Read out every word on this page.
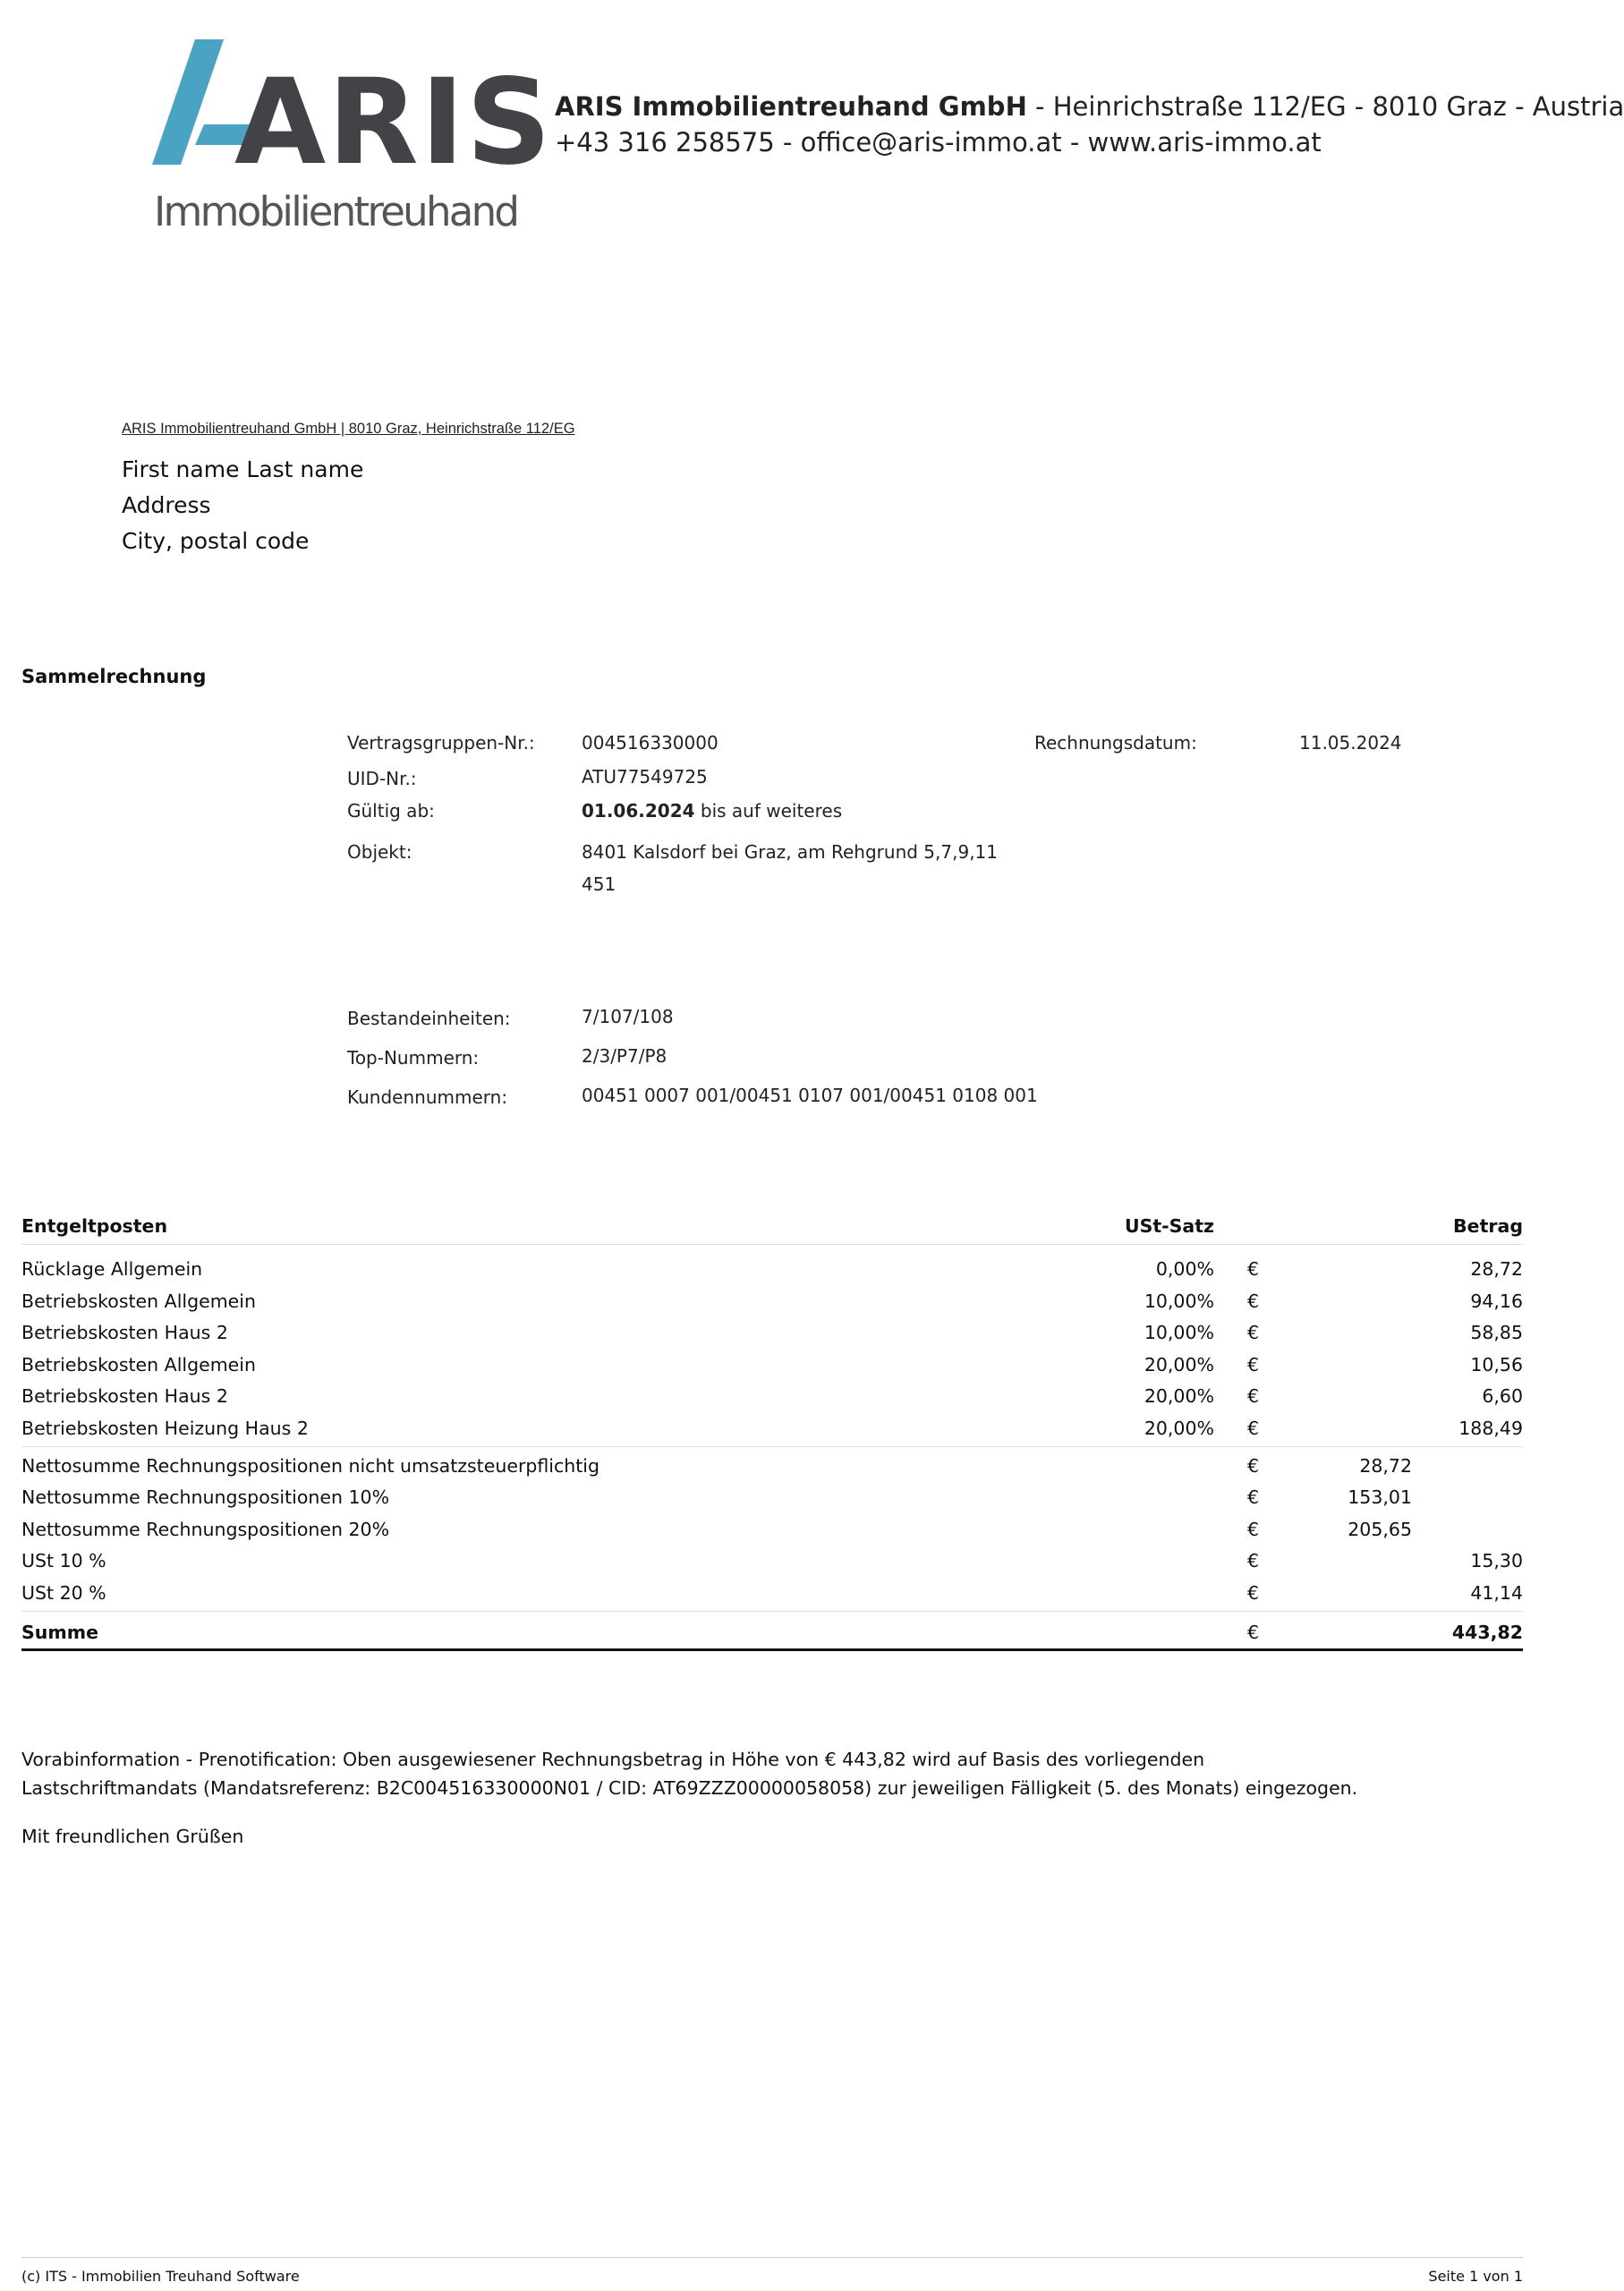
ARIS
Immobilientreuhand
ARIS Immobilientreuhand GmbH - Heinrichstraße 112/EG - 8010 Graz - Austria
+43 316 258575 - office@aris-immo.at - www.aris-immo.at
ARIS Immobilientreuhand GmbH | 8010 Graz, Heinrichstraße 112/EG
First name Last name
Address
City, postal code
Sammelrechnung
Vertragsgruppen-Nr.:	004516330000	Rechnungsdatum:	11.05.2024
UID-Nr.:	ATU77549725
Gültig ab:	01.06.2024 bis auf weiteres
Objekt:	8401 Kalsdorf bei Graz, am Rehgrund 5,7,9,11
451
Bestandeinheiten:	7/107/108
Top-Nummern:	2/3/P7/P8
Kundennummern:	00451 0007 001/00451 0107 001/00451 0108 001
Entgeltposten	USt-Satz	Betrag
Rücklage Allgemein	0,00% €	28,72
Betriebskosten Allgemein	10,00% €	94,16
Betriebskosten Haus 2	10,00% €	58,85
Betriebskosten Allgemein	20,00% €	10,56
Betriebskosten Haus 2	20,00% €	6,60
Betriebskosten Heizung Haus 2	20,00% €	188,49
Nettosumme Rechnungspositionen nicht umsatzsteuerpflichtig	€	28,72
Nettosumme Rechnungspositionen 10%	€	153,01
Nettosumme Rechnungspositionen 20%	€	205,65
USt 10 %	€	15,30
USt 20 %	€	41,14
Summe	€	443,82
Vorabinformation - Prenotification: Oben ausgewiesener Rechnungsbetrag in Höhe von € 443,82 wird auf Basis des vorliegenden
Lastschriftmandats (Mandatsreferenz: B2C004516330000N01 / CID: AT69ZZZ00000058058) zur jeweiligen Fälligkeit (5. des Monats) eingezogen.
Mit freundlichen Grüßen
(c) ITS - Immobilien Treuhand Software	Seite 1 von 1
